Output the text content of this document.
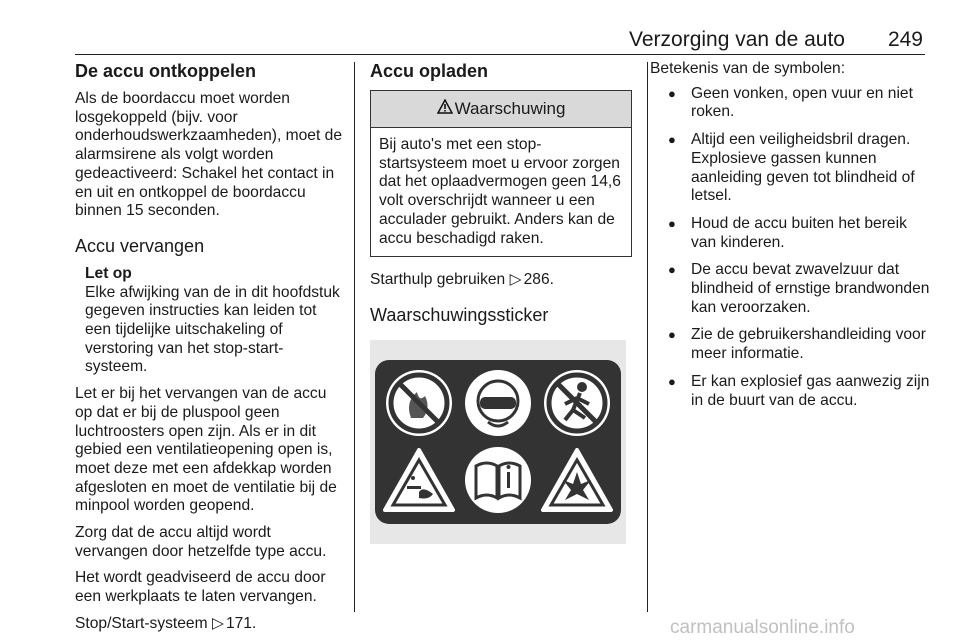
Verzorging van de auto 249
De accu ontkoppelen

Als de boordaccu moet worden losgekoppeld (bijv. voor onderhoudswerkzaamheden), moet de alarmsirene als volgt worden gedeactiveerd: Schakel het contact in en uit en ontkoppel de boordaccu binnen 15 seconden.

Accu vervangen
Let op
Elke afwijking van de in dit hoofdstuk gegeven instructies kan leiden tot een tijdelijke uitschakeling of verstoring van het stop-start-systeem.

Let er bij het vervangen van de accu op dat er bij de pluspool geen luchtroosters open zijn. Als er in dit gebied een ventilatieopening open is, moet deze met een afdekkap worden afgesloten en moet de ventilatie bij de minpool worden geopend.

Zorg dat de accu altijd wordt vervangen door hetzelfde type accu.

Het wordt geadviseerd de accu door een werkplaats te laten vervangen.

Stop/Start-systeem ▷ 171.

Accu opladen
Waarschuwing
Bij auto's met een stop-startsysteem moet u ervoor zorgen dat het oplaadvermogen geen 14,6 volt overschrijdt wanneer u een acculader gebruikt. Anders kan de accu beschadigd raken.

Starthulp gebruiken ▷ 286.

Waarschuwingssticker

Betekenis van de symbolen:

● Geen vonken, open vuur en niet roken.
● Altijd een veiligheidsbril dragen. Explosieve gassen kunnen aanleiding geven tot blindheid of letsel.
● Houd de accu buiten het bereik van kinderen.
● De accu bevat zwavelzuur dat blindheid of ernstige brandwonden kan veroorzaken.
● Zie de gebruikershandleiding voor meer informatie.
● Er kan explosief gas aanwezig zijn in de buurt van de accu.
carmanualsonline.info
